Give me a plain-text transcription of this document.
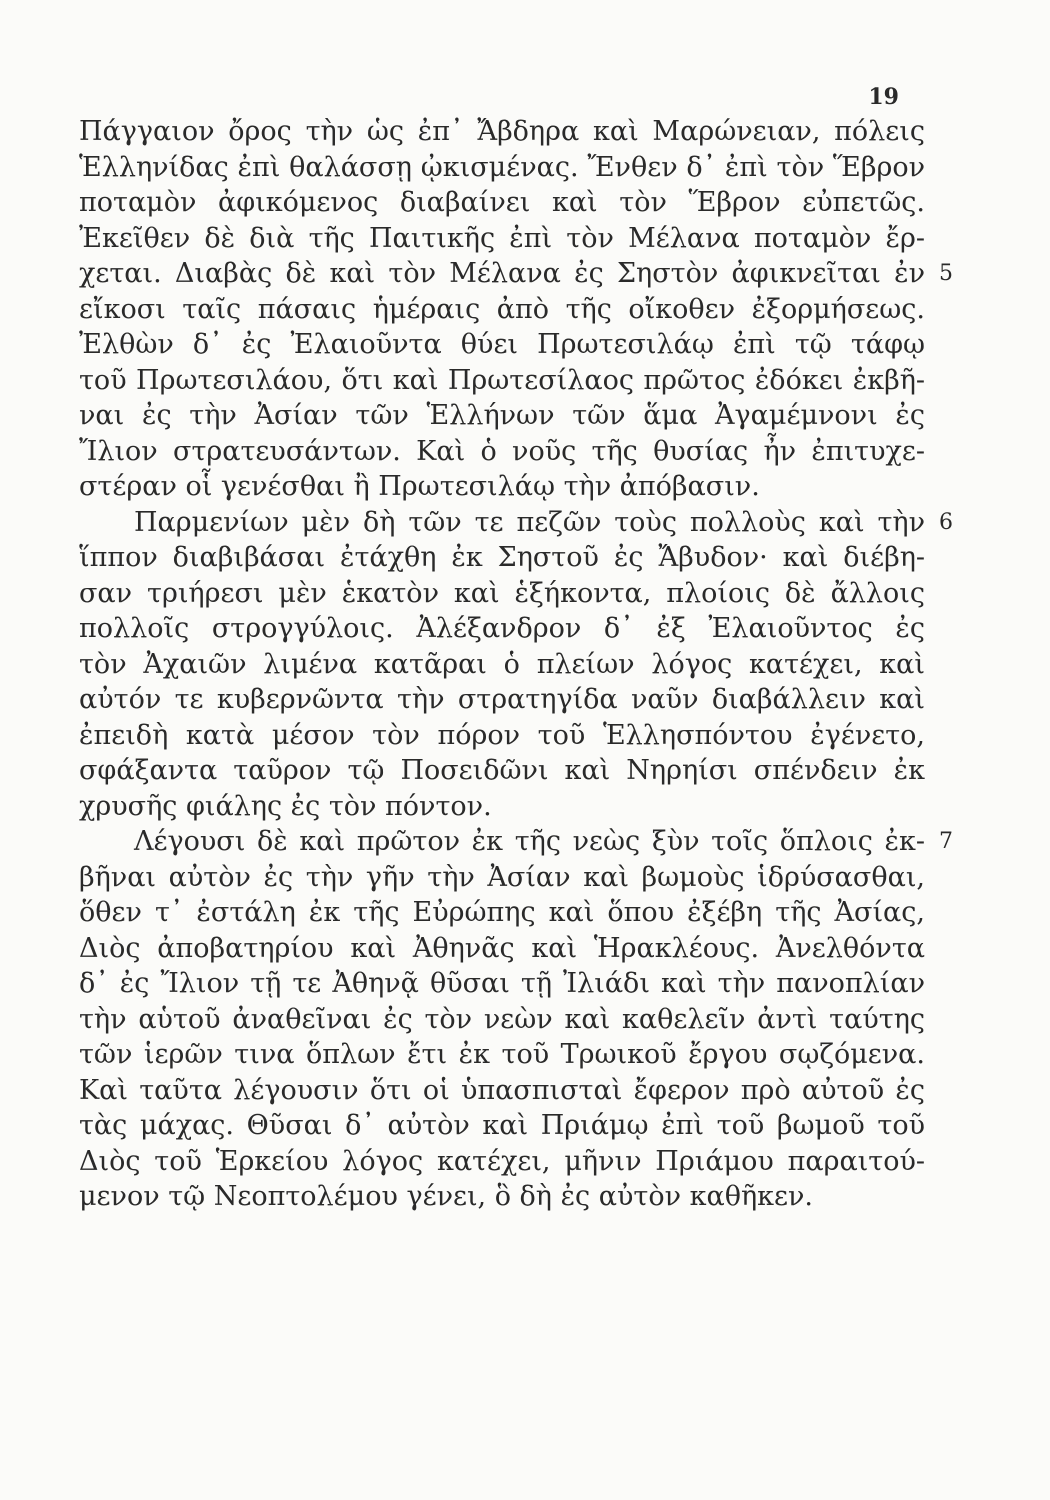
19
Πάγγαιον ὄρος τὴν ὡς ἐπ᾽ Ἄβδηρα καὶ Μαρώνειαν, πόλεις
Ἑλληνίδας ἐπὶ θαλάσσῃ ᾠκισμένας. Ἔνθεν δ᾽ ἐπὶ τὸν Ἕβρον
ποταμὸν ἀφικόμενος διαβαίνει καὶ τὸν Ἕβρον εὐπετῶς.
Ἐκεῖθεν δὲ διὰ τῆς Παιτικῆς ἐπὶ τὸν Μέλανα ποταμὸν ἔρ-
χεται. Διαβὰς δὲ καὶ τὸν Μέλανα ἐς Σηστὸν ἀφικνεῖται ἐν 5
εἴκοσι ταῖς πάσαις ἡμέραις ἀπὸ τῆς οἴκοθεν ἐξορμήσεως.
Ἐλθὼν δ᾽ ἐς Ἐλαιοῦντα θύει Πρωτεσιλάῳ ἐπὶ τῷ τάφῳ
τοῦ Πρωτεσιλάου, ὅτι καὶ Πρωτεσίλαος πρῶτος ἐδόκει ἐκβῆ-
ναι ἐς τὴν Ἀσίαν τῶν Ἑλλήνων τῶν ἅμα Ἀγαμέμνονι ἐς
Ἴλιον στρατευσάντων. Καὶ ὁ νοῦς τῆς θυσίας ἦν ἐπιτυχε-
στέραν οἷ γενέσθαι ἢ Πρωτεσιλάῳ τὴν ἀπόβασιν.
Παρμενίων μὲν δὴ τῶν τε πεζῶν τοὺς πολλοὺς καὶ τὴν 6
ἵππον διαβιβάσαι ἐτάχθη ἐκ Σηστοῦ ἐς Ἄβυδον· καὶ διέβη-
σαν τριήρεσι μὲν ἑκατὸν καὶ ἑξήκοντα, πλοίοις δὲ ἄλλοις
πολλοῖς στρογγύλοις. Ἀλέξανδρον δ᾽ ἐξ Ἐλαιοῦντος ἐς
τὸν Ἀχαιῶν λιμένα κατᾶραι ὁ πλείων λόγος κατέχει, καὶ
αὐτόν τε κυβερνῶντα τὴν στρατηγίδα ναῦν διαβάλλειν καὶ
ἐπειδὴ κατὰ μέσον τὸν πόρον τοῦ Ἑλλησπόντου ἐγένετο,
σφάξαντα ταῦρον τῷ Ποσειδῶνι καὶ Νηρηίσι σπένδειν ἐκ
χρυσῆς φιάλης ἐς τὸν πόντον.
Λέγουσι δὲ καὶ πρῶτον ἐκ τῆς νεὼς ξὺν τοῖς ὅπλοις ἐκ- 7
βῆναι αὐτὸν ἐς τὴν γῆν τὴν Ἀσίαν καὶ βωμοὺς ἱδρύσασθαι,
ὅθεν τ᾽ ἐστάλη ἐκ τῆς Εὐρώπης καὶ ὅπου ἐξέβη τῆς Ἀσίας,
Διὸς ἀποβατηρίου καὶ Ἀθηνᾶς καὶ Ἡρακλέους. Ἀνελθόντα
δ᾽ ἐς Ἴλιον τῇ τε Ἀθηνᾷ θῦσαι τῇ Ἰλιάδι καὶ τὴν πανοπλίαν
τὴν αὑτοῦ ἀναθεῖναι ἐς τὸν νεὼν καὶ καθελεῖν ἀντὶ ταύτης
τῶν ἱερῶν τινα ὅπλων ἔτι ἐκ τοῦ Τρωικοῦ ἔργου σῳζόμενα.
Καὶ ταῦτα λέγουσιν ὅτι οἱ ὑπασπισταὶ ἔφερον πρὸ αὐτοῦ ἐς
τὰς μάχας. Θῦσαι δ᾽ αὐτὸν καὶ Πριάμῳ ἐπὶ τοῦ βωμοῦ τοῦ
Διὸς τοῦ Ἑρκείου λόγος κατέχει, μῆνιν Πριάμου παραιτού-
μενον τῷ Νεοπτολέμου γένει, ὃ δὴ ἐς αὐτὸν καθῆκεν.
